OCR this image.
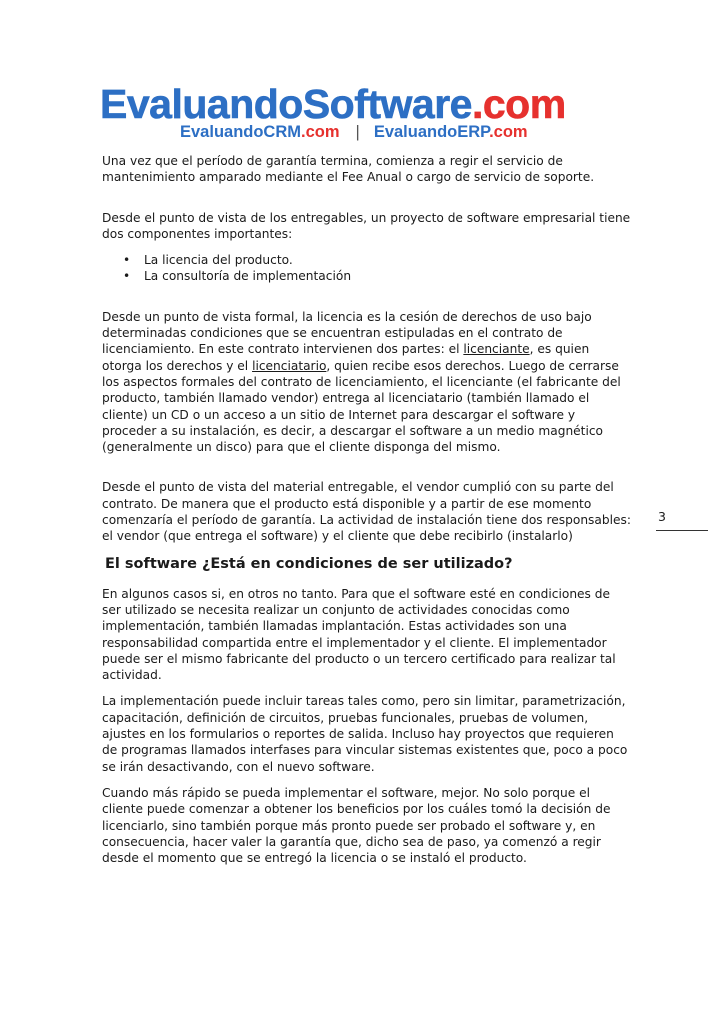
EvaluandoSoftware.com
EvaluandoCRM.com | EvaluandoERP.com

Una vez que el período de garantía termina, comienza a regir el servicio de mantenimiento amparado mediante el Fee Anual o cargo de servicio de soporte.

Desde el punto de vista de los entregables, un proyecto de software empresarial tiene dos componentes importantes:

• La licencia del producto.
• La consultoría de implementación

Desde un punto de vista formal, la licencia es la cesión de derechos de uso bajo determinadas condiciones que se encuentran estipuladas en el contrato de licenciamiento. En este contrato intervienen dos partes: el licenciante, es quien otorga los derechos y el licenciatario, quien recibe esos derechos. Luego de cerrarse los aspectos formales del contrato de licenciamiento, el licenciante (el fabricante del producto, también llamado vendor) entrega al licenciatario (también llamado el cliente) un CD o un acceso a un sitio de Internet para descargar el software y proceder a su instalación, es decir, a descargar el software a un medio magnético (generalmente un disco) para que el cliente disponga del mismo.

Desde el punto de vista del material entregable, el vendor cumplió con su parte del contrato. De manera que el producto está disponible y a partir de ese momento comenzaría el período de garantía. La actividad de instalación tiene dos responsables: el vendor (que entrega el software) y el cliente que debe recibirlo (instalarlo)

El software ¿Está en condiciones de ser utilizado?

En algunos casos si, en otros no tanto. Para que el software esté en condiciones de ser utilizado se necesita realizar un conjunto de actividades conocidas como implementación, también llamadas implantación. Estas actividades son una responsabilidad compartida entre el implementador y el cliente. El implementador puede ser el mismo fabricante del producto o un tercero certificado para realizar tal actividad.

La implementación puede incluir tareas tales como, pero sin limitar, parametrización, capacitación, definición de circuitos, pruebas funcionales, pruebas de volumen, ajustes en los formularios o reportes de salida. Incluso hay proyectos que requieren de programas llamados interfases para vincular sistemas existentes que, poco a poco se irán desactivando, con el nuevo software.

Cuando más rápido se pueda implementar el software, mejor. No solo porque el cliente puede comenzar a obtener los beneficios por los cuáles tomó la decisión de licenciarlo, sino también porque más pronto puede ser probado el software y, en consecuencia, hacer valer la garantía que, dicho sea de paso, ya comenzó a regir desde el momento que se entregó la licencia o se instaló el producto.

3
